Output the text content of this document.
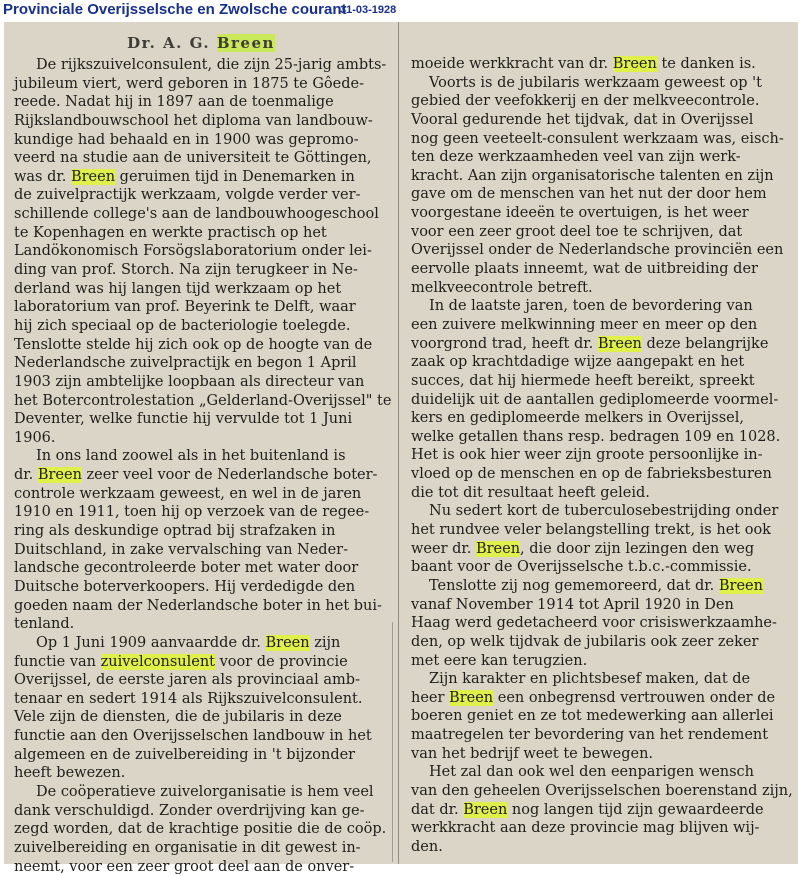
Provinciale Overijsselsche en Zwolsche courant
31-03-1928
Dr. A. G. Breen
De rijkszuivelconsulent, die zijn 25-jarig ambts-
jubileum viert, werd geboren in 1875 te Gôede-
reede. Nadat hij in 1897 aan de toenmalige
Rijkslandbouwschool het diploma van landbouw-
kundige had behaald en in 1900 was gepromo-
veerd na studie aan de universiteit te Göttingen,
was dr. Breen geruimen tijd in Denemarken in
de zuivelpractijk werkzaam, volgde verder ver-
schillende college's aan de landbouwhoogeschool
te Kopenhagen en werkte practisch op het
Landökonomisch Forsögslaboratorium onder lei-
ding van prof. Storch. Na zijn terugkeer in Ne-
derland was hij langen tijd werkzaam op het
laboratorium van prof. Beyerink te Delft, waar
hij zich speciaal op de bacteriologie toelegde.
Tenslotte stelde hij zich ook op de hoogte van de
Nederlandsche zuivelpractijk en begon 1 April
1903 zijn ambtelijke loopbaan als directeur van
het Botercontrolestation „Gelderland-Overijssel" te
Deventer, welke functie hij vervulde tot 1 Juni
1906.
In ons land zoowel als in het buitenland is
dr. Breen zeer veel voor de Nederlandsche boter-
controle werkzaam geweest, en wel in de jaren
1910 en 1911, toen hij op verzoek van de regee-
ring als deskundige optrad bij strafzaken in
Duitschland, in zake vervalsching van Neder-
landsche gecontroleerde boter met water door
Duitsche boterverkoopers. Hij verdedigde den
goeden naam der Nederlandsche boter in het bui-
tenland.
Op 1 Juni 1909 aanvaardde dr. Breen zijn
functie van zuivelconsulent voor de provincie
Overijssel, de eerste jaren als provinciaal amb-
tenaar en sedert 1914 als Rijkszuivelconsulent.
Vele zijn de diensten, die de jubilaris in deze
functie aan den Overijsselschen landbouw in het
algemeen en de zuivelbereiding in 't bijzonder
heeft bewezen.
De coöperatieve zuivelorganisatie is hem veel
dank verschuldigd. Zonder overdrijving kan ge-
zegd worden, dat de krachtige positie die de coöp.
zuivelbereiding en organisatie in dit gewest in-
neemt, voor een zeer groot deel aan de onver-
moeide werkkracht van dr. Breen te danken is.
Voorts is de jubilaris werkzaam geweest op 't
gebied der veefokkerij en der melkveecontrole.
Vooral gedurende het tijdvak, dat in Overijssel
nog geen veeteelt-consulent werkzaam was, eisch-
ten deze werkzaamheden veel van zijn werk-
kracht. Aan zijn organisatorische talenten en zijn
gave om de menschen van het nut der door hem
voorgestane ideeën te overtuigen, is het weer
voor een zeer groot deel toe te schrijven, dat
Overijssel onder de Nederlandsche provinciën een
eervolle plaats inneemt, wat de uitbreiding der
melkveecontrole betreft.
In de laatste jaren, toen de bevordering van
een zuivere melkwinning meer en meer op den
voorgrond trad, heeft dr. Breen deze belangrijke
zaak op krachtdadige wijze aangepakt en het
succes, dat hij hiermede heeft bereikt, spreekt
duidelijk uit de aantallen gediplomeerde voormel-
kers en gediplomeerde melkers in Overijssel,
welke getallen thans resp. bedragen 109 en 1028.
Het is ook hier weer zijn groote persoonlijke in-
vloed op de menschen en op de fabrieksbesturen
die tot dit resultaat heeft geleid.
Nu sedert kort de tuberculosebestrijding onder
het rundvee veler belangstelling trekt, is het ook
weer dr. Breen, die door zijn lezingen den weg
baant voor de Overijsselsche t.b.c.-commissie.
Tenslotte zij nog gememoreerd, dat dr. Breen
vanaf November 1914 tot April 1920 in Den
Haag werd gedetacheerd voor crisiswerkzaamhe-
den, op welk tijdvak de jubilaris ook zeer zeker
met eere kan terugzien.
Zijn karakter en plichtsbesef maken, dat de
heer Breen een onbegrensd vertrouwen onder de
boeren geniet en ze tot medewerking aan allerlei
maatregelen ter bevordering van het rendement
van het bedrijf weet te bewegen.
Het zal dan ook wel den eenparigen wensch
van den geheelen Overijsselschen boerenstand zijn,
dat dr. Breen nog langen tijd zijn gewaardeerde
werkkracht aan deze provincie mag blijven wij-
den.
